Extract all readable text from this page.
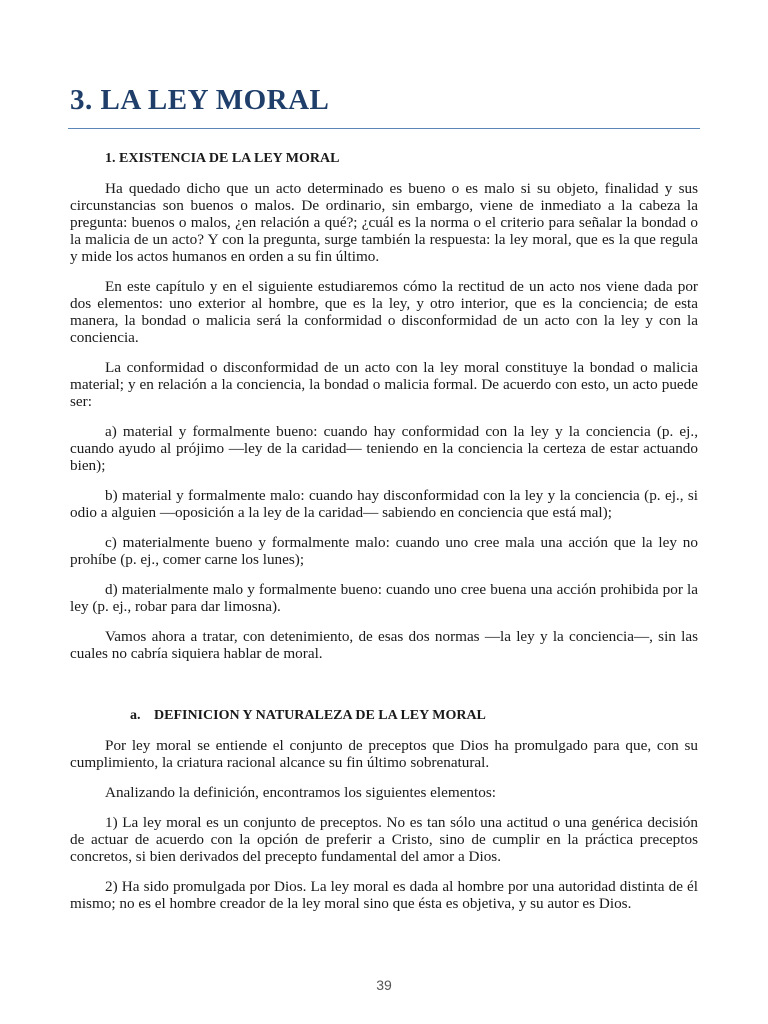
3. LA LEY MORAL

1. EXISTENCIA DE LA LEY MORAL

Ha quedado dicho que un acto determinado es bueno o es malo si su objeto, finalidad y sus circunstancias son buenos o malos. De ordinario, sin embargo, viene de inmediato a la cabeza la pregunta: buenos o malos, ¿en relación a qué?; ¿cuál es la norma o el criterio para señalar la bondad o la malicia de un acto? Y con la pregunta, surge también la respuesta: la ley moral, que es la que regula y mide los actos humanos en orden a su fin último.

En este capítulo y en el siguiente estudiaremos cómo la rectitud de un acto nos viene dada por dos elementos: uno exterior al hombre, que es la ley, y otro interior, que es la conciencia; de esta manera, la bondad o malicia será la conformidad o disconformidad de un acto con la ley y con la conciencia.

La conformidad o disconformidad de un acto con la ley moral constituye la bondad o malicia material; y en relación a la conciencia, la bondad o malicia formal. De acuerdo con esto, un acto puede ser:

a) material y formalmente bueno: cuando hay conformidad con la ley y la conciencia (p. ej., cuando ayudo al prójimo —ley de la caridad— teniendo en la conciencia la certeza de estar actuando bien);

b) material y formalmente malo: cuando hay disconformidad con la ley y la conciencia (p. ej., si odio a alguien —oposición a la ley de la caridad— sabiendo en conciencia que está mal);

c) materialmente bueno y formalmente malo: cuando uno cree mala una acción que la ley no prohíbe (p. ej., comer carne los lunes);

d) materialmente malo y formalmente bueno: cuando uno cree buena una acción prohibida por la ley (p. ej., robar para dar limosna).

Vamos ahora a tratar, con detenimiento, de esas dos normas —la ley y la conciencia—, sin las cuales no cabría siquiera hablar de moral.

a. DEFINICION Y NATURALEZA DE LA LEY MORAL

Por ley moral se entiende el conjunto de preceptos que Dios ha promulgado para que, con su cumplimiento, la criatura racional alcance su fin último sobrenatural.

Analizando la definición, encontramos los siguientes elementos:

1) La ley moral es un conjunto de preceptos. No es tan sólo una actitud o una genérica decisión de actuar de acuerdo con la opción de preferir a Cristo, sino de cumplir en la práctica preceptos concretos, si bien derivados del precepto fundamental del amor a Dios.

2) Ha sido promulgada por Dios. La ley moral es dada al hombre por una autoridad distinta de él mismo; no es el hombre creador de la ley moral sino que ésta es objetiva, y su autor es Dios.

39
